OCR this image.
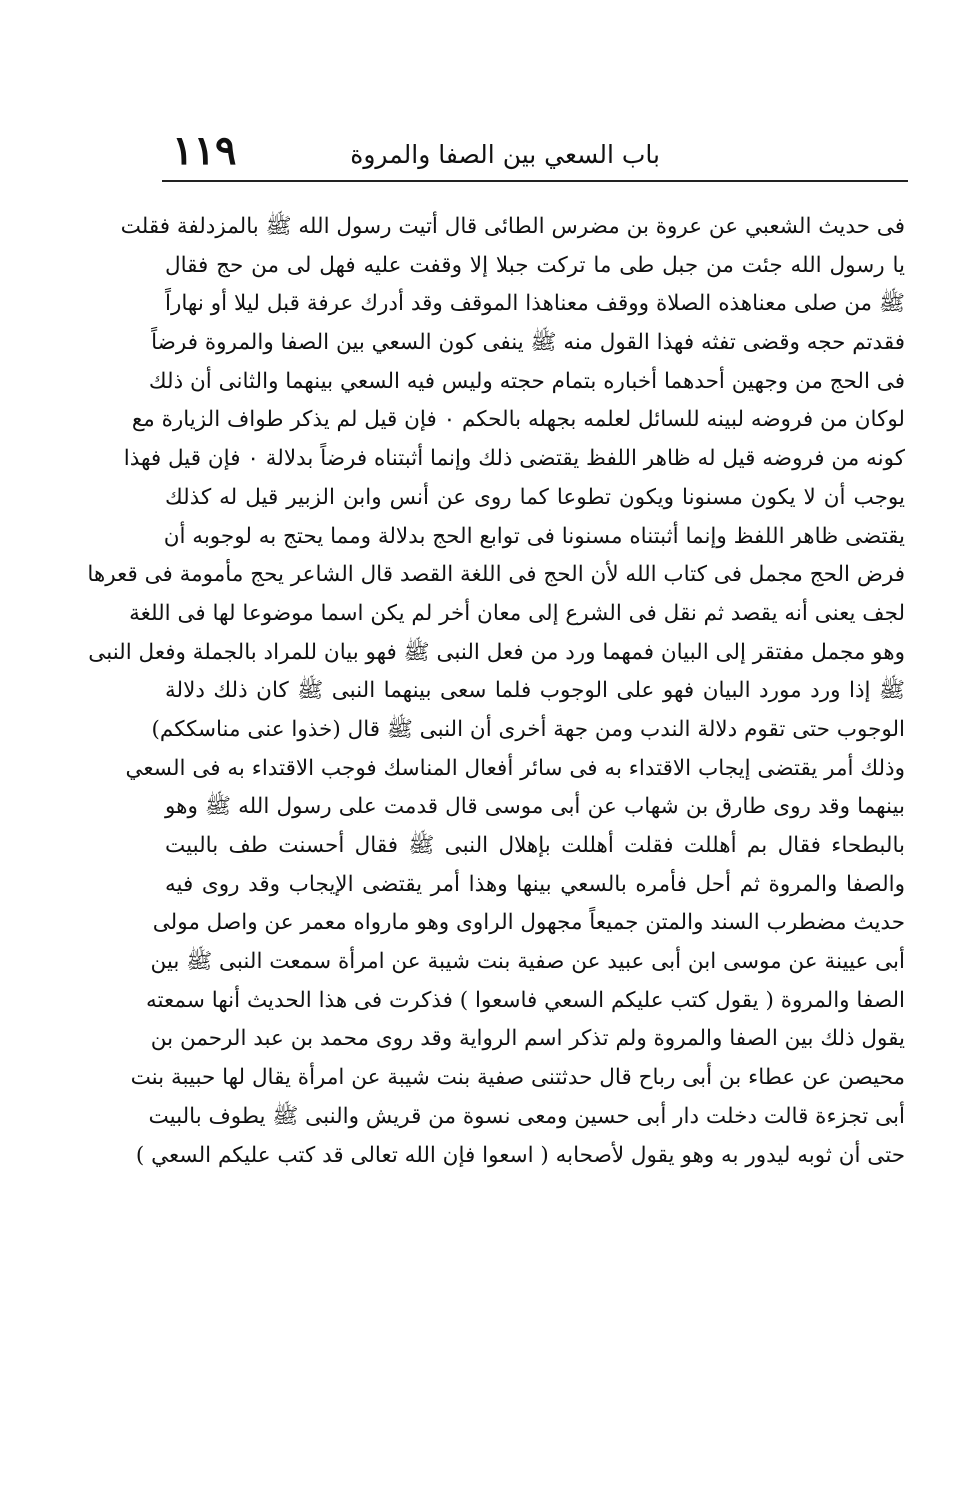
باب السعي بين الصفا والمروة
١١٩
فى حديث الشعبي عن عروة بن مضرس الطائى قال أتيت رسول الله ﷺ بالمزدلفة فقلت
يا رسول الله جئت من جبل طى ما تركت جبلا إلا وقفت عليه فهل لى من حج فقال
ﷺ من صلى معناهذه الصلاة ووقف معناهذا الموقف وقد أدرك عرفة قبل ليلا أو نهاراً
فقدتم حجه وقضى تفثه فهذا القول منه ﷺ ينفى كون السعي بين الصفا والمروة فرضاً
فى الحج من وجهين أحدهما أخباره بتمام حجته وليس فيه السعي بينهما والثانى أن ذلك
لوكان من فروضه لبينه للسائل لعلمه بجهله بالحكم ۰ فإن قيل لم يذكر طواف الزيارة مع
كونه من فروضه قيل له ظاهر اللفظ يقتضى ذلك وإنما أثبتناه فرضاً بدلالة ۰ فإن قيل فهذا
يوجب أن لا يكون مسنونا ويكون تطوعا كما روى عن أنس وابن الزبير قيل له كذلك
يقتضى ظاهر اللفظ وإنما أثبتناه مسنونا فى توابع الحج بدلالة ومما يحتج به لوجوبه أن
فرض الحج مجمل فى كتاب الله لأن الحج فى اللغة القصد قال الشاعر يحج مأمومة فى قعرها
لجف يعنى أنه يقصد ثم نقل فى الشرع إلى معان أخر لم يكن اسما موضوعا لها فى اللغة
وهو مجمل مفتقر إلى البيان فمهما ورد من فعل النبى ﷺ فهو بيان للمراد بالجملة وفعل النبى
ﷺ إذا ورد مورد البيان فهو على الوجوب فلما سعى بينهما النبى ﷺ كان ذلك دلالة
الوجوب حتى تقوم دلالة الندب ومن جهة أخرى أن النبى ﷺ قال (خذوا عنى مناسككم)
وذلك أمر يقتضى إيجاب الاقتداء به فى سائر أفعال المناسك فوجب الاقتداء به فى السعي
بينهما وقد روى طارق بن شهاب عن أبى موسى قال قدمت على رسول الله ﷺ وهو
بالبطحاء فقال بم أهللت فقلت أهللت بإهلال النبى ﷺ فقال أحسنت طف بالبيت
والصفا والمروة ثم أحل فأمره بالسعي بينها وهذا أمر يقتضى الإيجاب وقد روى فيه
حديث مضطرب السند والمتن جميعاً مجهول الراوى وهو مارواه معمر عن واصل مولى
أبى عيينة عن موسى ابن أبى عبيد عن صفية بنت شيبة عن امرأة سمعت النبى ﷺ بين
الصفا والمروة ( يقول كتب عليكم السعي فاسعوا ) فذكرت فى هذا الحديث أنها سمعته
يقول ذلك بين الصفا والمروة ولم تذكر اسم الرواية وقد روى محمد بن عبد الرحمن بن
محيصن عن عطاء بن أبى رباح قال حدثتنى صفية بنت شيبة عن امرأة يقال لها حبيبة بنت
أبى تجزءة قالت دخلت دار أبى حسين ومعى نسوة من قريش والنبى ﷺ يطوف بالبيت
حتى أن ثوبه ليدور به وهو يقول لأصحابه ( اسعوا فإن الله تعالى قد كتب عليكم السعي )
